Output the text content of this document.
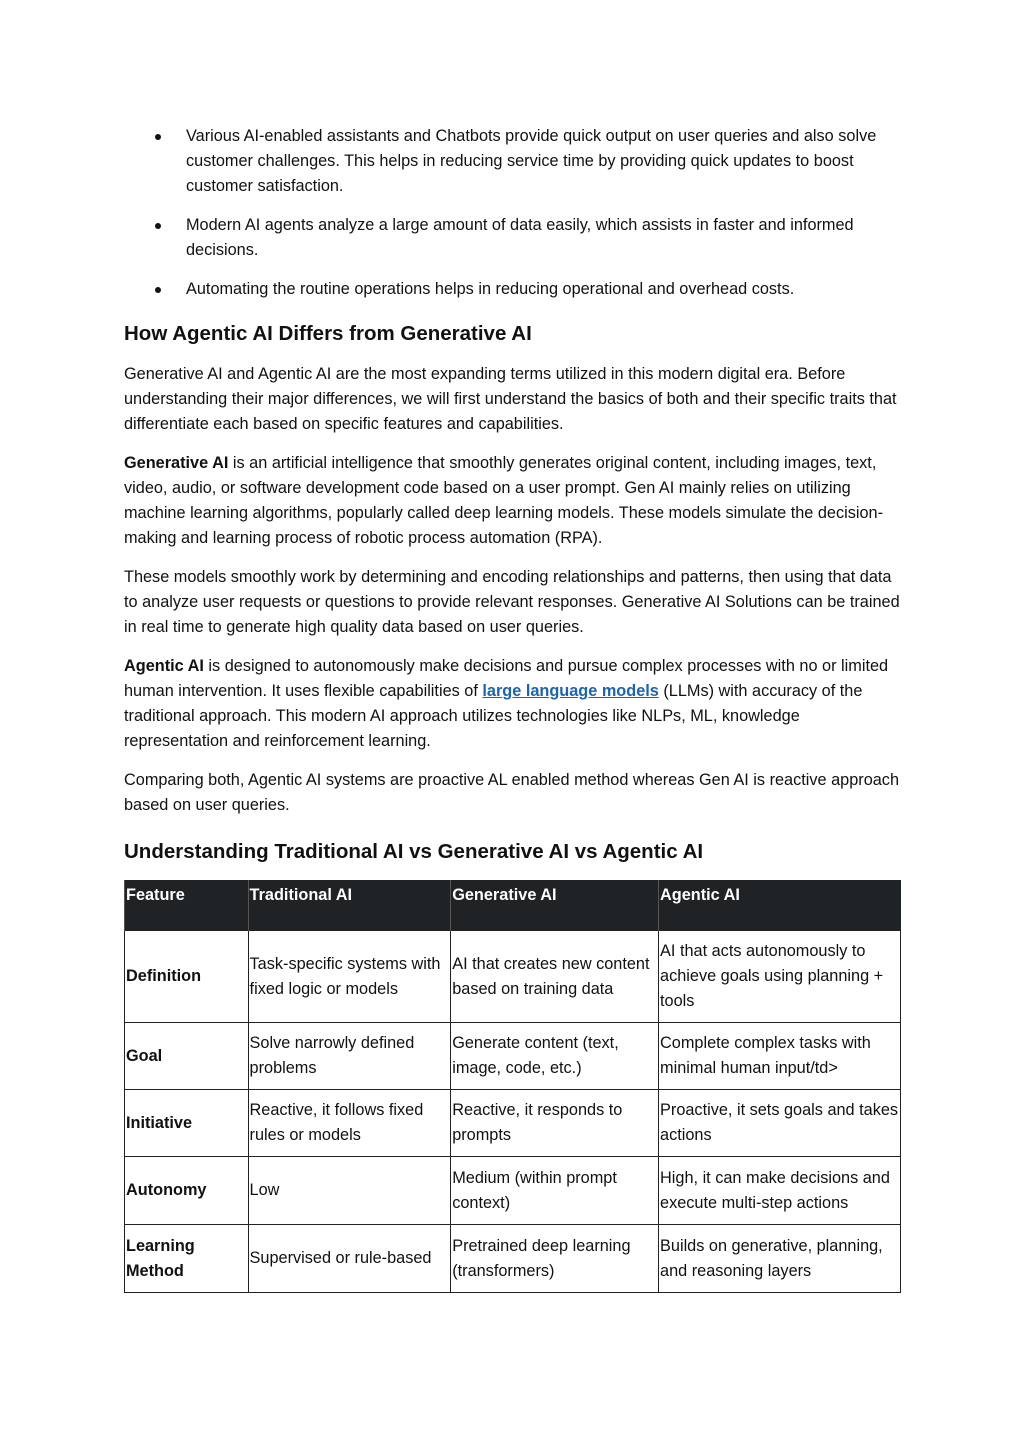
Various AI-enabled assistants and Chatbots provide quick output on user queries and also solve customer challenges. This helps in reducing service time by providing quick updates to boost customer satisfaction.
Modern AI agents analyze a large amount of data easily, which assists in faster and informed decisions.
Automating the routine operations helps in reducing operational and overhead costs.
How Agentic AI Differs from Generative AI

Generative AI and Agentic AI are the most expanding terms utilized in this modern digital era. Before understanding their major differences, we will first understand the basics of both and their specific traits that differentiate each based on specific features and capabilities.

Generative AI is an artificial intelligence that smoothly generates original content, including images, text, video, audio, or software development code based on a user prompt. Gen AI mainly relies on utilizing machine learning algorithms, popularly called deep learning models. These models simulate the decision-making and learning process of robotic process automation (RPA).

These models smoothly work by determining and encoding relationships and patterns, then using that data to analyze user requests or questions to provide relevant responses. Generative AI Solutions can be trained in real time to generate high quality data based on user queries.

Agentic AI is designed to autonomously make decisions and pursue complex processes with no or limited human intervention. It uses flexible capabilities of large language models (LLMs) with accuracy of the traditional approach. This modern AI approach utilizes technologies like NLPs, ML, knowledge representation and reinforcement learning.

Comparing both, Agentic AI systems are proactive AL enabled method whereas Gen AI is reactive approach based on user queries.

Understanding Traditional AI vs Generative AI vs Agentic AI
Feature	Traditional AI	Generative AI	Agentic AI
Definition	Task-specific systems with fixed logic or models	AI that creates new content based on training data	AI that acts autonomously to achieve goals using planning + tools
Goal	Solve narrowly defined problems	Generate content (text, image, code, etc.)	Complete complex tasks with minimal human input/td>
Initiative	Reactive, it follows fixed rules or models	Reactive, it responds to prompts	Proactive, it sets goals and takes actions
Autonomy	Low	Medium (within prompt context)	High, it can make decisions and execute multi-step actions
Learning Method	Supervised or rule-based	Pretrained deep learning (transformers)	Builds on generative, planning, and reasoning layers
